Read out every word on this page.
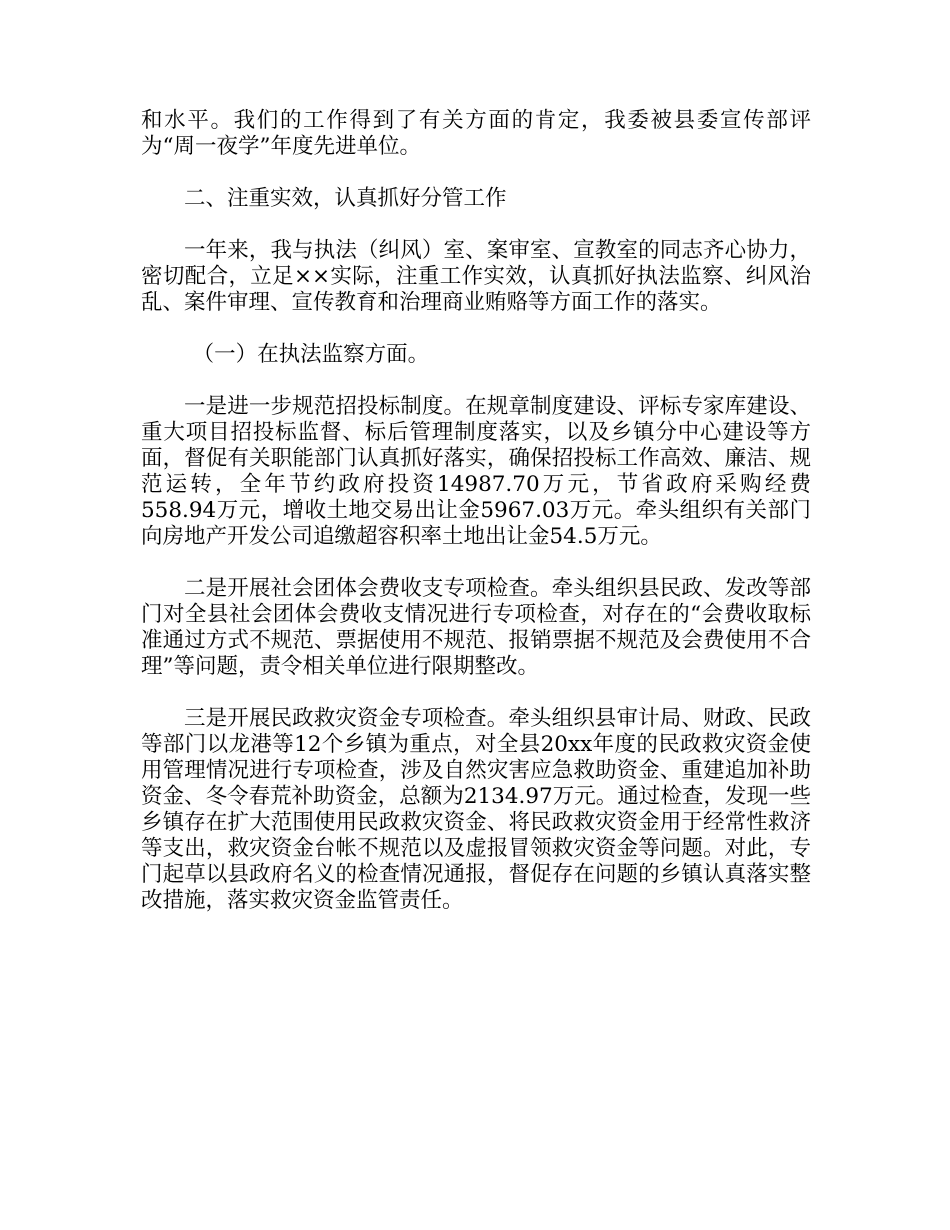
和水平。我们的工作得到了有关方面的肯定，我委被县委宣传部评为“周一夜学”年度先进单位。

二、注重实效，认真抓好分管工作

一年来，我与执法（纠风）室、案审室、宣教室的同志齐心协力，密切配合，立足××实际，注重工作实效，认真抓好执法监察、纠风治乱、案件审理、宣传教育和治理商业贿赂等方面工作的落实。

（一）在执法监察方面。

一是进一步规范招投标制度。在规章制度建设、评标专家库建设、重大项目招投标监督、标后管理制度落实，以及乡镇分中心建设等方面，督促有关职能部门认真抓好落实，确保招投标工作高效、廉洁、规范运转，全年节约政府投资14987.70万元，节省政府采购经费558.94万元，增收土地交易出让金5967.03万元。牵头组织有关部门向房地产开发公司追缴超容积率土地出让金54.5万元。

二是开展社会团体会费收支专项检查。牵头组织县民政、发改等部门对全县社会团体会费收支情况进行专项检查，对存在的“会费收取标准通过方式不规范、票据使用不规范、报销票据不规范及会费使用不合理”等问题，责令相关单位进行限期整改。

三是开展民政救灾资金专项检查。牵头组织县审计局、财政、民政等部门以龙港等12个乡镇为重点，对全县20xx年度的民政救灾资金使用管理情况进行专项检查，涉及自然灾害应急救助资金、重建追加补助资金、冬令春荒补助资金，总额为2134.97万元。通过检查，发现一些乡镇存在扩大范围使用民政救灾资金、将民政救灾资金用于经常性救济等支出，救灾资金台帐不规范以及虚报冒领救灾资金等问题。对此，专门起草以县政府名义的检查情况通报，督促存在问题的乡镇认真落实整改措施，落实救灾资金监管责任。
